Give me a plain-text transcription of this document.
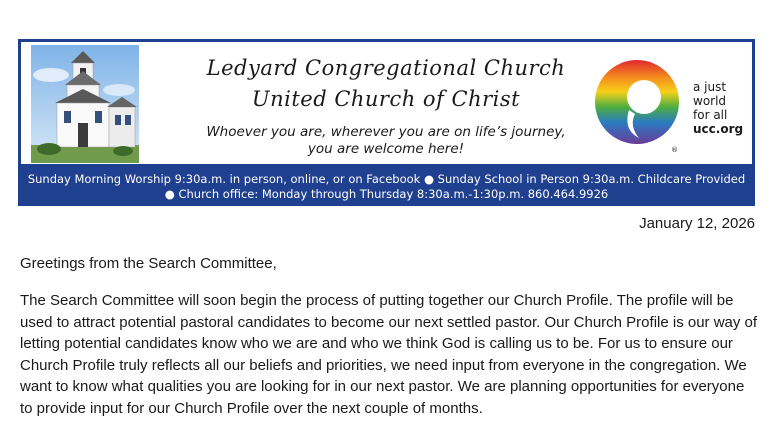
Ledyard Congregational Church
United Church of Christ
Whoever you are, wherever you are on life’s journey,
you are welcome here!	®
a just
world
for all
ucc.org
Sunday Morning Worship 9:30a.m. in person, online, or on Facebook ● Sunday School in Person 9:30a.m. Childcare Provided
● Church office: Monday through Thursday 8:30a.m.-1:30p.m. 860.464.9926
January 12, 2026
Greetings from the Search Committee,
The Search Committee will soon begin the process of putting together our Church Profile. The profile will be used to attract potential pastoral candidates to become our next settled pastor. Our Church Profile is our way of letting potential candidates know who we are and who we think God is calling us to be. For us to ensure our Church Profile truly reflects all our beliefs and priorities, we need input from everyone in the congregation. We want to know what qualities you are looking for in our next pastor. We are planning opportunities for everyone to provide input for our Church Profile over the next couple of months.
